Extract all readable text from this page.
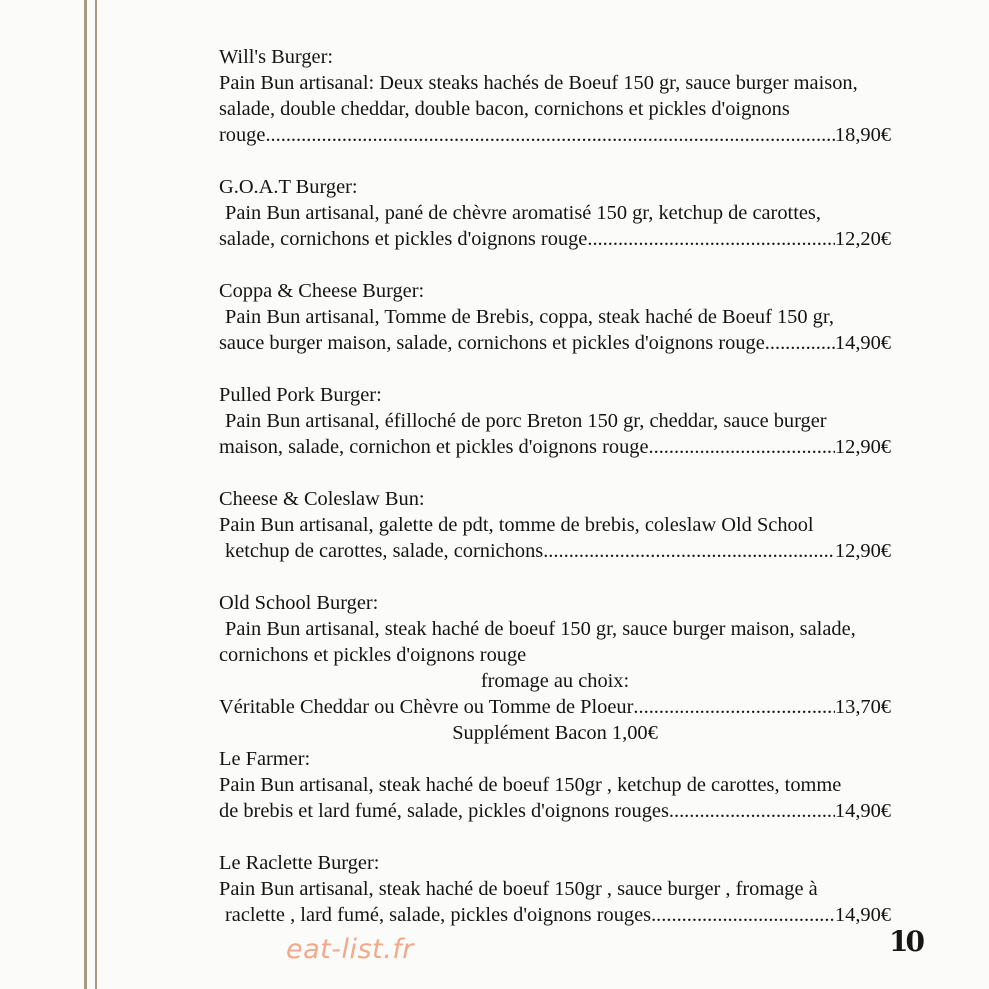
Will's Burger:
Pain Bun artisanal: Deux steaks hachés de Boeuf 150 gr, sauce burger maison,
salade, double cheddar, double bacon, cornichons et pickles d'oignons
rouge .....	18,90€
G.O.A.T Burger:
Pain Bun artisanal, pané de chèvre aromatisé 150 gr, ketchup de carottes,
salade, cornichons et pickles d'oignons rouge .....	12,20€
Coppa & Cheese Burger:
Pain Bun artisanal, Tomme de Brebis, coppa, steak haché de Boeuf 150 gr,
sauce burger maison, salade, cornichons et pickles d'oignons rouge .....	14,90€
Pulled Pork Burger:
Pain Bun artisanal, éfilloché de porc Breton 150 gr, cheddar, sauce burger
maison, salade, cornichon et pickles d'oignons rouge .....	12,90€
Cheese & Coleslaw Bun:
Pain Bun artisanal, galette de pdt, tomme de brebis, coleslaw Old School
ketchup de carottes, salade, cornichons .....	12,90€
Old School Burger:
Pain Bun artisanal, steak haché de boeuf 150 gr, sauce burger maison, salade,
cornichons et pickles d'oignons rouge
fromage au choix:
Véritable Cheddar ou Chèvre ou Tomme de Ploeur .....	13,70€
Supplément Bacon 1,00€
Le Farmer:
Pain Bun artisanal, steak haché de boeuf 150gr , ketchup de carottes, tomme
de brebis et lard fumé, salade, pickles d'oignons rouges .....	14,90€
Le Raclette Burger:
Pain Bun artisanal, steak haché de boeuf 150gr , sauce burger , fromage à
raclette , lard fumé, salade, pickles d'oignons rouges .....	14,90€
eat-list.fr	10
